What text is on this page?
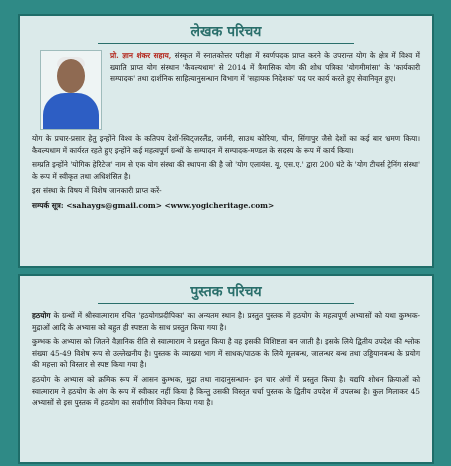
लेखक परिचय

प्रो. ज्ञान शंकर सहाय, संस्कृत में स्नातकोत्तर परीक्षा में स्वर्णपदक प्राप्त करने के उपरान्त योग के क्षेत्र में विश्व में ख्याति प्राप्त योग संस्थान 'कैवल्यधाम' से 2014 में त्रैमासिक योग की शोध पत्रिका 'योगमीमांसा' के 'कार्यकारी सम्पादक' तथा दार्शनिक साहित्यानुसन्धान विभाग में 'सहायक निदेशक' पद पर कार्य करते हुए सेवानिवृत हुए।

योग के प्रचार-प्रसार हेतु इन्होंने विश्व के कतिपय देशों-स्विट्जरलैंड, जर्मनी, साउथ कोरिया, चीन, सिंगापुर जैसे देशों का कई बार भ्रमण किया। कैवल्यधाम में कार्यरत रहते हुए इन्होंने कई महत्वपूर्ण ग्रन्थों के सम्पादन में सम्पादक-मण्डल के सदस्य के रूप में कार्य किया।

सम्प्रति इन्होंने 'योगिक हेरिटेज' नाम से एक योग संस्था की स्थापना की है जो 'योग एलायंस. यू. एस.ए.' द्वारा 200 घंटे के 'योग टीचर्स ट्रेनिंग संस्था' के रूप में स्वीकृत तथा अधिशंसित है।

इस संस्था के विषय में विशेष जानकारी प्राप्त करें-

सम्पर्क सूत्र: <sahaygs@gmail.com> <www.yogicheritage.com>

पुस्तक परिचय

हठयोग के ग्रन्थों में श्रीस्वात्माराम रचित 'हठयोगप्रदीपिका' का अन्यतम स्थान है। प्रस्तुत पुस्तक में हठयोग के महत्वपूर्ण अभ्यासों को यथा कुम्भक-मुद्राओं आदि के अभ्यास को बहुत ही स्पष्टता के साथ प्रस्तुत किया गया है।

कुम्भक के अभ्यास को जितने वैज्ञानिक रीति से स्वात्माराम ने प्रस्तुत किया है वह इसकी विशिष्टता बन जाती है। इसके लिये द्वितीय उपदेश की श्लोक संख्या 45-49 विशेष रूप से उल्लेखनीय है। पुस्तक के व्याख्या भाग में साधक/पाठक के लिये मूलबन्ध, जालन्धर बन्ध तथा उड्डियानबन्ध के प्रयोग की महत्ता को विस्तार से स्पष्ट किया गया है।

हठयोग के अभ्यास को क्रमिक रूप में आसन कुम्भक, मुद्रा तथा नादानुसन्धान- इन चार अंगों में प्रस्तुत किया है। यद्यपि शोधन क्रियाओं को स्वात्माराम ने हठयोग के अंग के रूप में स्वीकार नहीं किया है किन्तु उसकी विस्तृत चर्चा पुस्तक के द्वितीय उपदेश में उपलब्ध है। कुल मिलाकर 45 अभ्यासों से इस पुस्तक में हठयोग का सर्वांगीण विवेचन किया गया है।
